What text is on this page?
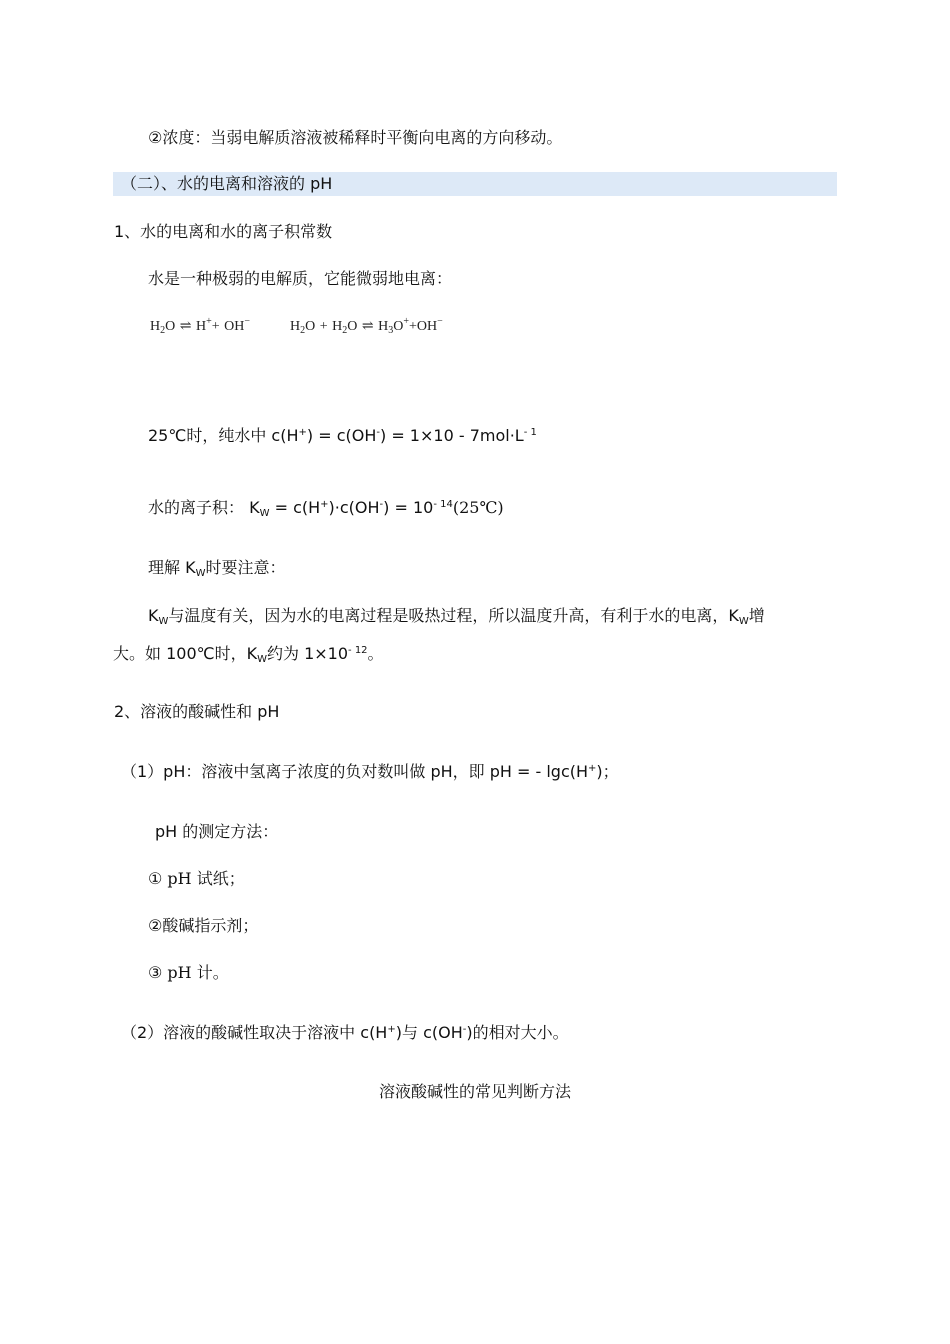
②浓度：当弱电解质溶液被稀释时平衡向电离的方向移动。
（二）、水的电离和溶液的 pH
1、水的电离和水的离子积常数
水是一种极弱的电解质，它能微弱地电离：
$H_2O$ ⇌ H++ OH−	$H_2O + H_2O$ ⇌ $H_3O^++OH^-$
25℃时，纯水中 $c(H^+) = c(OH^-) = 1\times 10 - 7mol\cdot L^{- 1}$
水的离子积： $K_W = c(H^+)\cdot c(OH^-)$ = $10^{- 14}(25℃)$
理解 $K_W$时要注意：
$K_W$与温度有关，因为水的电离过程是吸热过程，所以温度升高，有利于水的电离，$K_W$增
大。如 100℃时，$K_W$约为 $1\times 10^{- 12}$。
2、溶液的酸碱性和 pH
（1）pH：溶液中氢离子浓度的负对数叫做 pH，即 pH = - lgc(H+)；
pH 的测定方法：
① pH 试纸；
②酸碱指示剂；
③ pH 计。
（2）溶液的酸碱性取决于溶液中 c(H+)与 c(OH-)的相对大小。
溶液酸碱性的常见判断方法
